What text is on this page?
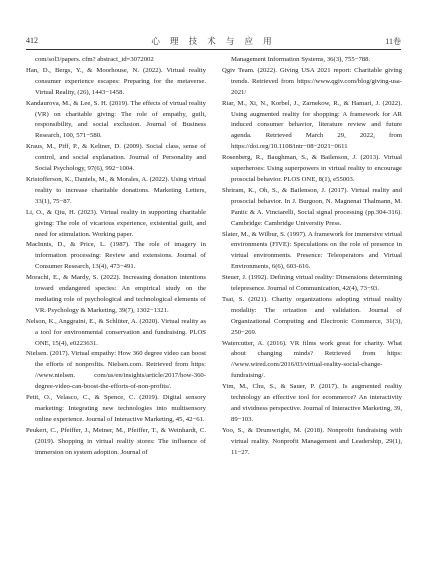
412	心 理 技 术 与 应 用	11卷

com/sol3/papers. cfm? abstract_id=3072002

Han, D., Bergs, Y., & Moorhouse, N. (2022). Virtual reality consumer experience escapes: Preparing for the metaverse. Virtual Reality, (26), 1443−1458.

Kandaurova, M., & Lee, S. H. (2019). The effects of virtual reality (VR) on charitable giving: The role of empathy, guilt, responsibility, and social exclusion. Journal of Business Research, 100, 571−580.

Kraus, M., Piff, P., & Keltner, D. (2009). Social class, sense of control, and social explanation. Journal of Personality and Social Psychology, 97(6), 992−1004.

Kristofferson, K., Daniels, M., & Morales, A. (2022). Using virtual reality to increase charitable donations. Marketing Letters, 33(1), 75−87.

Li, O., & Qiu, H. (2023). Virtual reality in supporting charitable giving: The role of vicarious experience, existential guilt, and need for stimulation. Working paper.

MacInnis, D., & Price, L. (1987). The role of imagery in information processing: Review and extensions. Journal of Consumer Research, 13(4), 473−491.

Morachi, E., & Mardy, S. (2022). Increasing donation intentions toward endangered species: An empirical study on the mediating role of psychological and technological elements of VR. Psychology & Marketing, 39(7), 1302−1321.

Nelson, K., Anggraini, E., & Schlüter, A. (2020). Virtual reality as a tool for environmental conservation and fundraising. PLOS ONE, 15(4), e0223631.

Nielsen. (2017). Virtual empathy: How 360 degree video can boost the efforts of nonprofits. Nielsen.com. Retrieved from https: //www.nielsen. com/us/en/insights/article/2017/how-360-degree-video-can-boost-the-efforts-of-non-profits/.

Petit, O., Velasco, C., & Spence, C. (2019). Digital sensory marketing: Integrating new technologies into multisensory online experience. Journal of Interactive Marketing, 45, 42−61.

Peukert, C., Pfeiffer, J., Meiner, M., Pfeiffer, T., & Weinhardt, C. (2019). Shopping in virtual reality stores: The influence of immersion on system adoption. Journal of

Management Information Systems, 36(3), 755−788.

Qgiv Team. (2022). Giving USA 2021 report: Charitable giving trends. Retrieved from https://www.qgiv.com/blog/giving-usa-2021/

Riar, M., Xi, N., Korbel, J., Zarnekow, R., & Hamari, J. (2022). Using augmented reality for shopping: A framework for AR induced consumer behavior, literature review and future agenda. Retrieved March 29, 2022, from https://doi.org/10.1108/intr−08−2021−0611

Rosenberg, R., Baughman, S., & Bailenson, J. (2013). Virtual superheroes: Using superpowers in virtual reality to encourage prosocial behavior. PLOS ONE, 8(1), e55003.

Shriram, K., Oh, S., & Bailenson, J. (2017). Virtual reality and prosocial behavior. In J. Burgoon, N. Magnenat Thalmann, M. Pantic & A. Vinciarelli, Social signal processing (pp.304-316). Cambridge: Cambridge University Press.

Slater, M., & Wilbur, S. (1997). A framework for immersive virtual environments (FIVE): Speculations on the role of presence in virtual environments. Presence: Teleoperators and Virtual Environments, 6(6), 603-616.

Steuer, J. (1992). Defining virtual reality: Dimensions determining telepresence. Journal of Communication, 42(4), 73−93.

Tsai, S. (2021). Charity organizations adopting virtual reality modality: The orization and validation. Journal of Organizational Computing and Electronic Commerce, 31(3), 250−269.

Watercutter, A. (2016). VR films work great for charity. What about changing minds? Retrieved from https: //www.wired.com/2016/03/virtual-reality-social-change-fundraising/.

Yim, M., Chu, S., & Sauer, P. (2017). Is augmented reality technology an effective tool for ecommerce? An interactivity and vividness perspective. Journal of Interactive Marketing, 39, 89−103.

Yoo, S., & Drumwright, M. (2018). Nonprofit fundraising with virtual reality. Nonprofit Management and Leadership, 29(1), 11−27.
